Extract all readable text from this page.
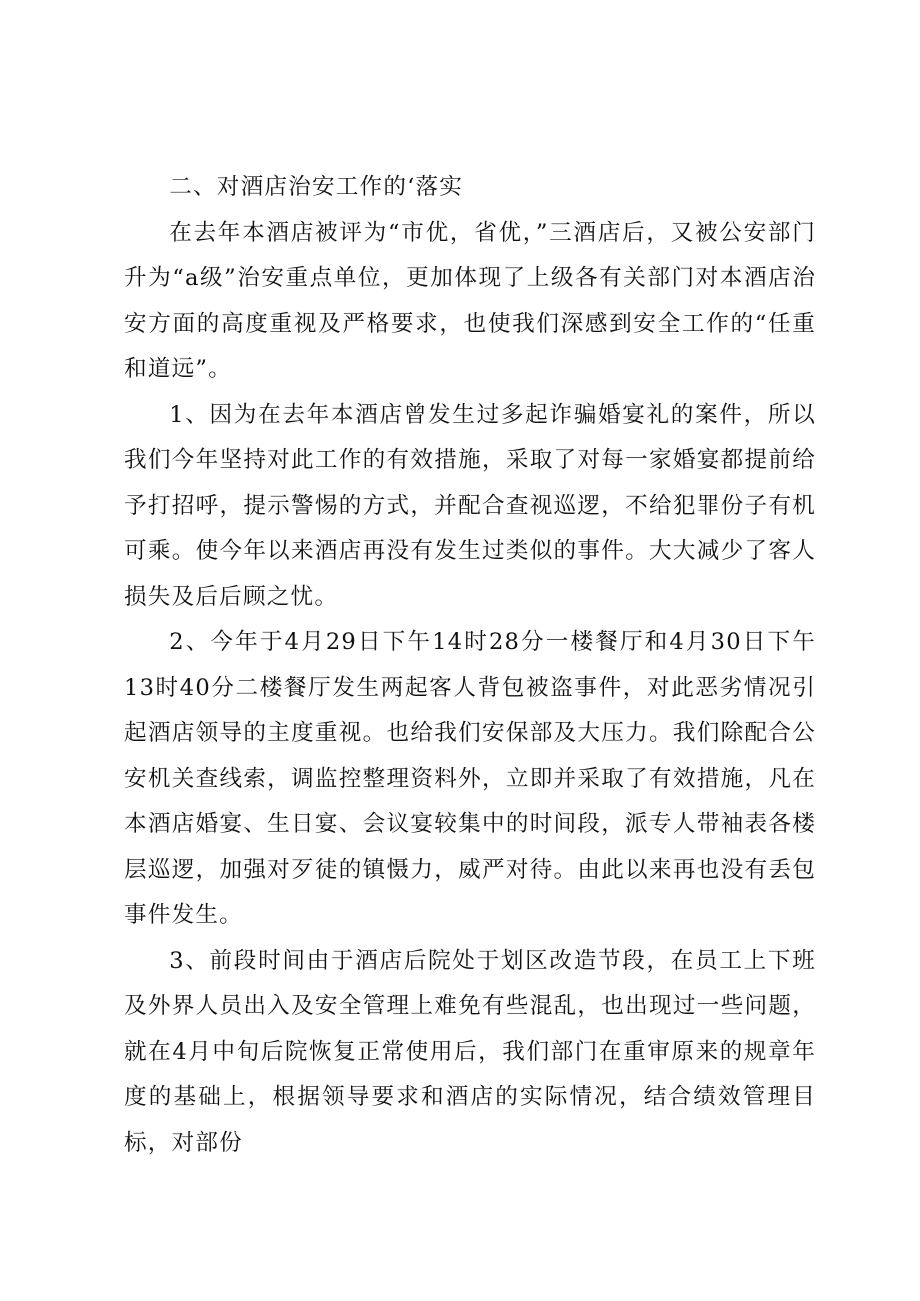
二、对酒店治安工作的‘落实

在去年本酒店被评为“市优，省优，”三酒店后，又被公安部门升为“a级”治安重点单位，更加体现了上级各有关部门对本酒店治安方面的高度重视及严格要求，也使我们深感到安全工作的“任重和道远”。

1、因为在去年本酒店曾发生过多起诈骗婚宴礼的案件，所以我们今年坚持对此工作的有效措施，采取了对每一家婚宴都提前给予打招呼，提示警惕的方式，并配合查视巡逻，不给犯罪份子有机可乘。使今年以来酒店再没有发生过类似的事件。大大减少了客人损失及后后顾之忧。

2、今年于4月29日下午14时28分一楼餐厅和4月30日下午13时40分二楼餐厅发生两起客人背包被盗事件，对此恶劣情况引起酒店领导的主度重视。也给我们安保部及大压力。我们除配合公安机关查线索，调监控整理资料外，立即并采取了有效措施，凡在本酒店婚宴、生日宴、会议宴较集中的时间段，派专人带袖表各楼层巡逻，加强对歹徒的镇慑力，威严对待。由此以来再也没有丢包事件发生。

3、前段时间由于酒店后院处于划区改造节段，在员工上下班及外界人员出入及安全管理上难免有些混乱，也出现过一些问题，就在4月中旬后院恢复正常使用后，我们部门在重审原来的规章年度的基础上，根据领导要求和酒店的实际情况，结合绩效管理目标，对部份
